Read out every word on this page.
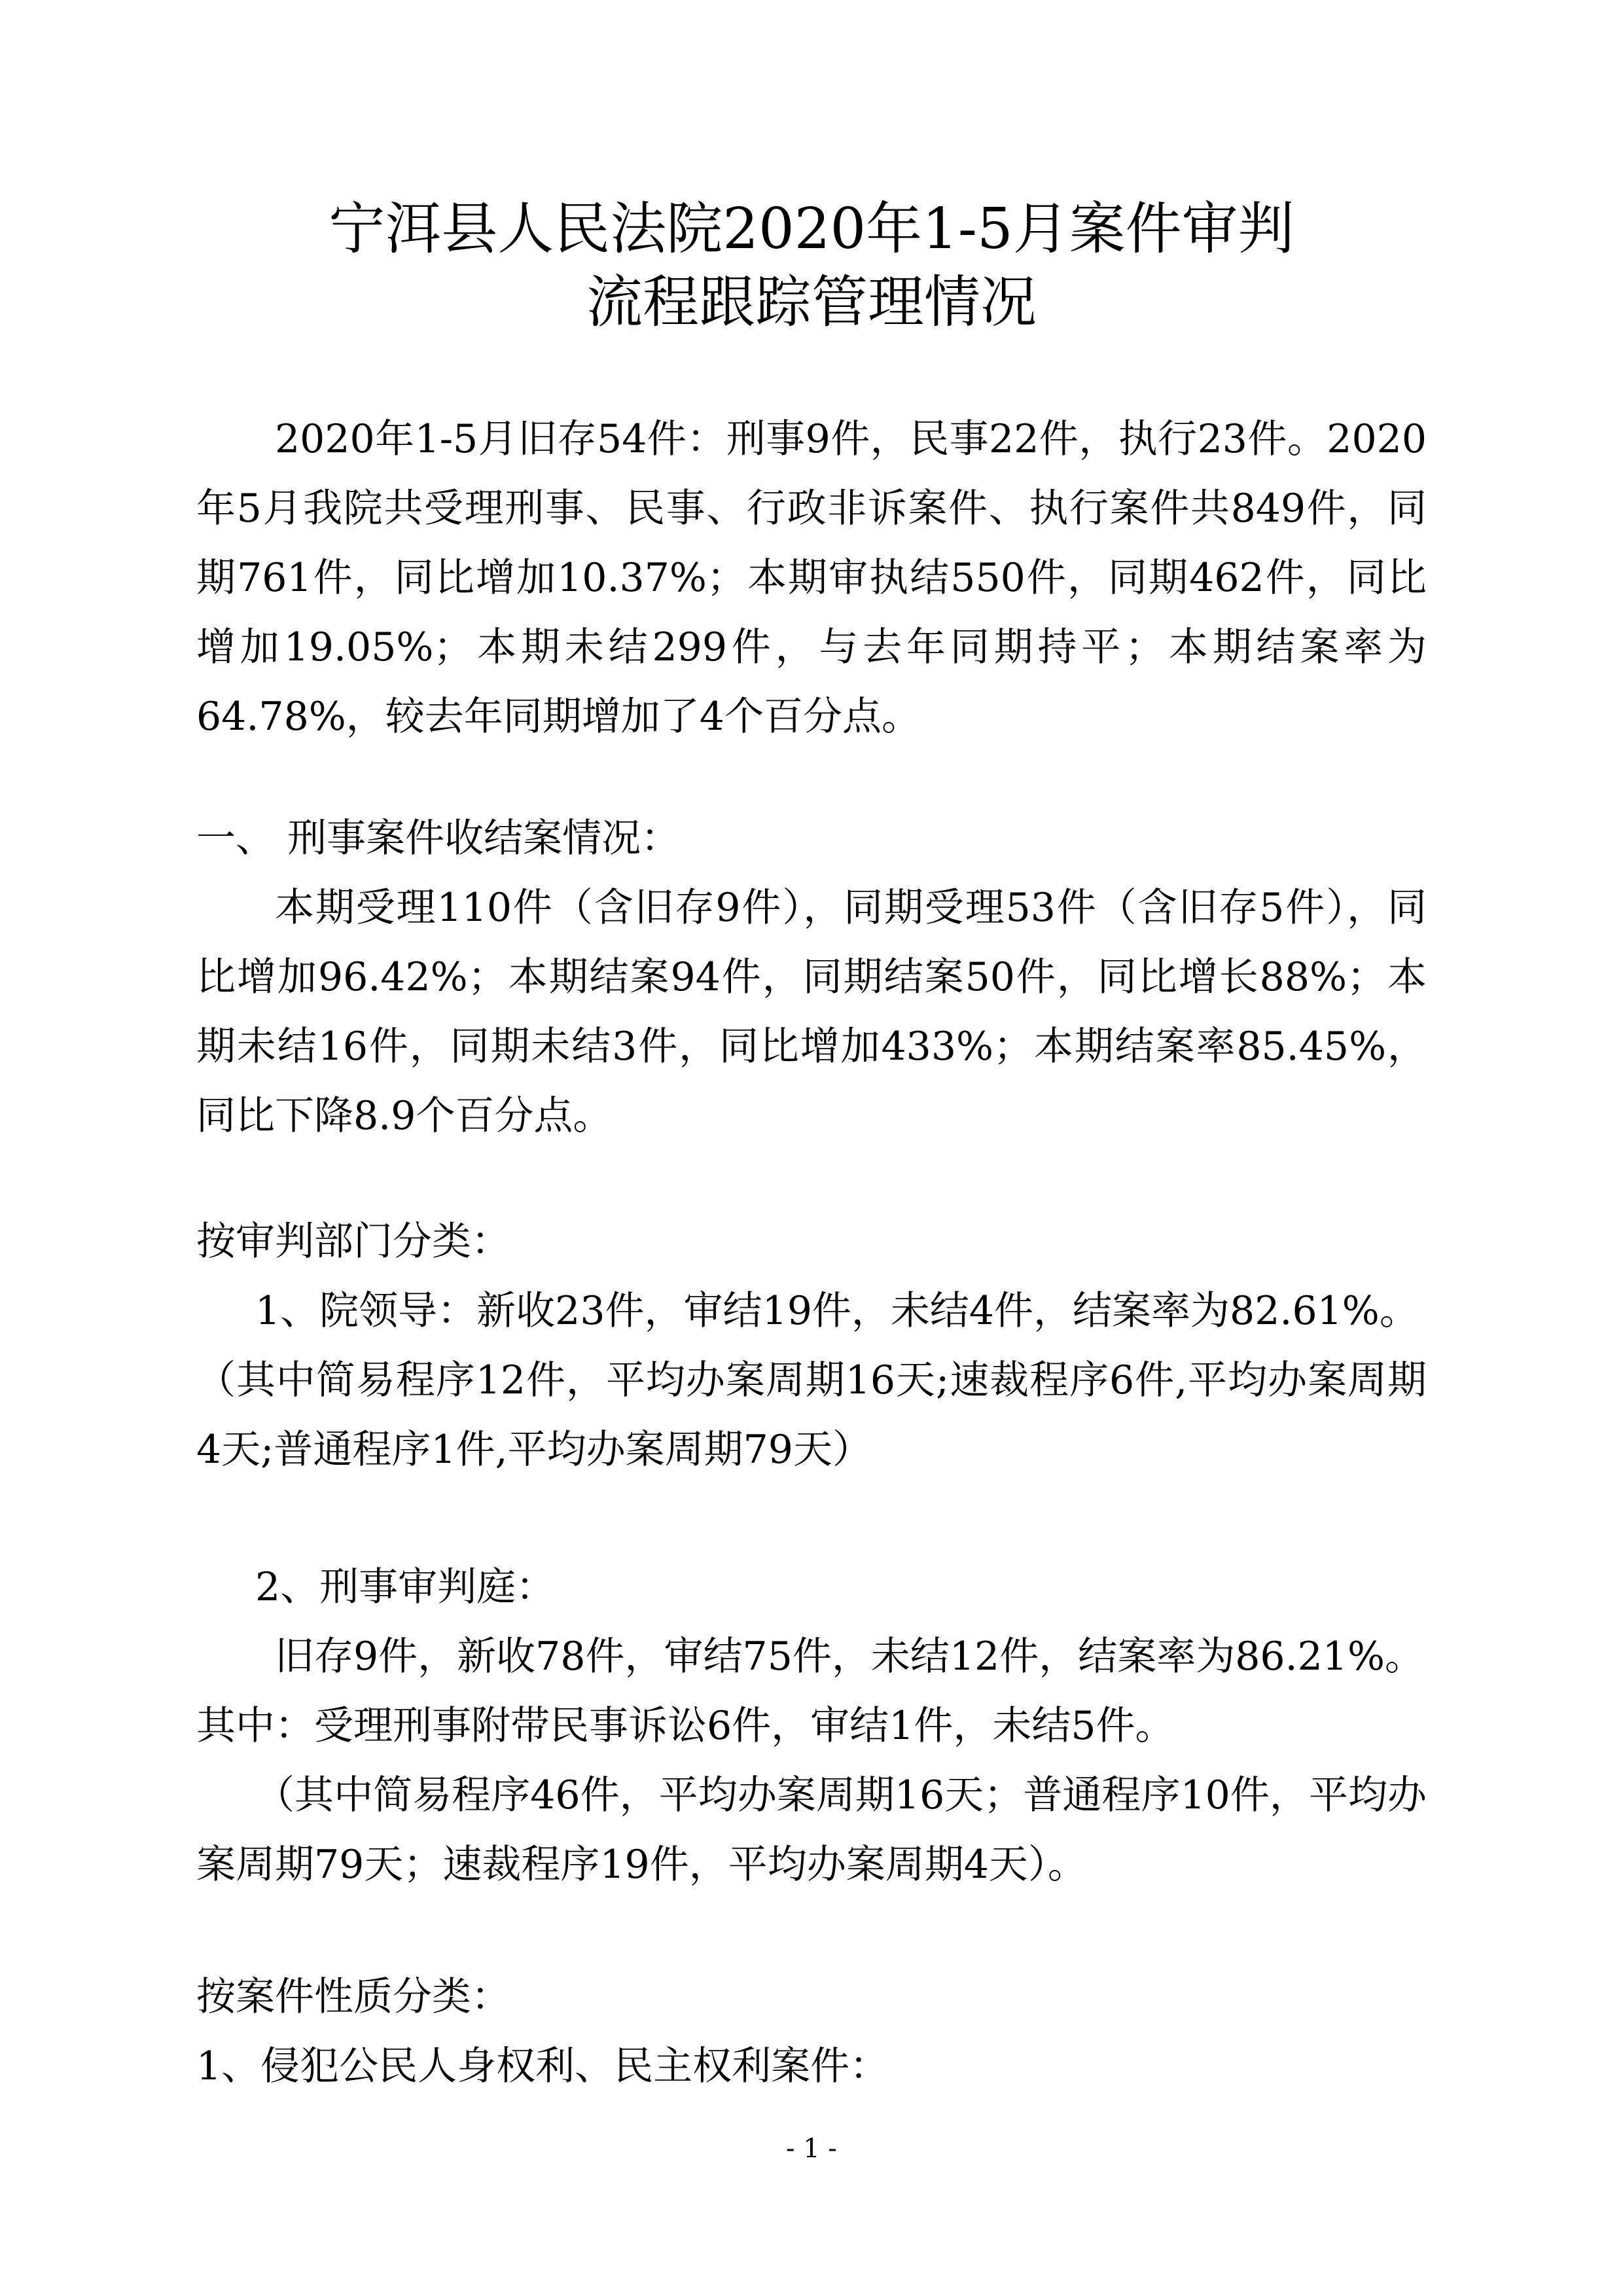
宁洱县人民法院2020年1-5月案件审判
流程跟踪管理情况
2020年1-5月旧存54件：刑事9件，民事22件，执行23件。2020年5月我院共受理刑事、民事、行政非诉案件、执行案件共849件，同期761件，同比增加10.37%；本期审执结550件，同期462件，同比增加19.05%；本期未结299件，与去年同期持平；本期结案率为64.78%，较去年同期增加了4个百分点。
一、 刑事案件收结案情况：
本期受理110件（含旧存9件），同期受理53件（含旧存5件），同比增加96.42%；本期结案94件，同期结案50件，同比增长88%；本期未结16件，同期未结3件，同比增加433%；本期结案率85.45%，同比下降8.9个百分点。
按审判部门分类：
1、院领导：新收23件，审结19件，未结4件，结案率为82.61%。
（其中简易程序12件，平均办案周期16天;速裁程序6件,平均办案周期4天;普通程序1件,平均办案周期79天）
2、刑事审判庭：
旧存9件，新收78件，审结75件，未结12件，结案率为86.21%。
其中：受理刑事附带民事诉讼6件，审结1件，未结5件。
（其中简易程序46件，平均办案周期16天；普通程序10件，平均办案周期79天；速裁程序19件，平均办案周期4天）。
按案件性质分类：
1、侵犯公民人身权利、民主权利案件：
- 1 -
